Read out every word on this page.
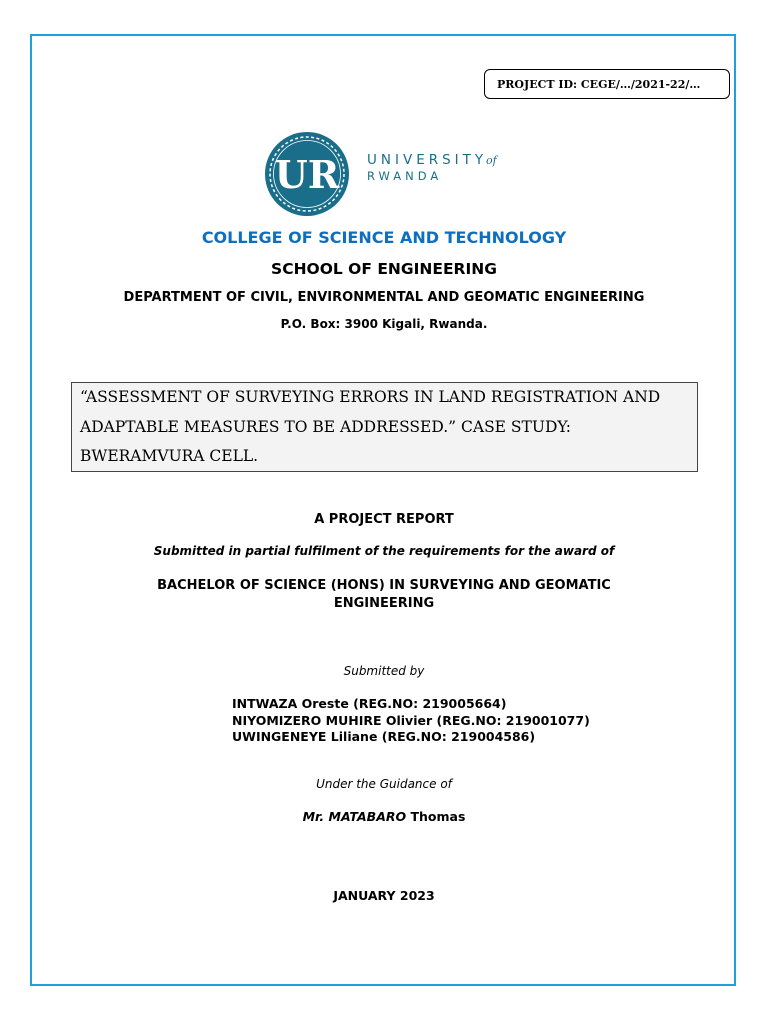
PROJECT ID: CEGE/…/2021-22/…
UR UNIVERSITY
of
RWANDA
COLLEGE OF SCIENCE AND TECHNOLOGY
SCHOOL OF ENGINEERING
DEPARTMENT OF CIVIL, ENVIRONMENTAL AND GEOMATIC ENGINEERING
P.O. Box: 3900 Kigali, Rwanda.
“ASSESSMENT OF SURVEYING ERRORS IN LAND REGISTRATION AND
ADAPTABLE MEASURES TO BE ADDRESSED.” CASE STUDY:
BWERAMVURA CELL.
A PROJECT REPORT
Submitted in partial fulfilment of the requirements for the award of
BACHELOR OF SCIENCE (HONS) IN SURVEYING AND GEOMATIC ENGINEERING
Submitted by
INTWAZA Oreste (REG.NO: 219005664)
NIYOMIZERO MUHIRE Olivier (REG.NO: 219001077)
UWINGENEYE Liliane (REG.NO: 219004586)
Under the Guidance of
Mr. MATABARO Thomas
JANUARY 2023
